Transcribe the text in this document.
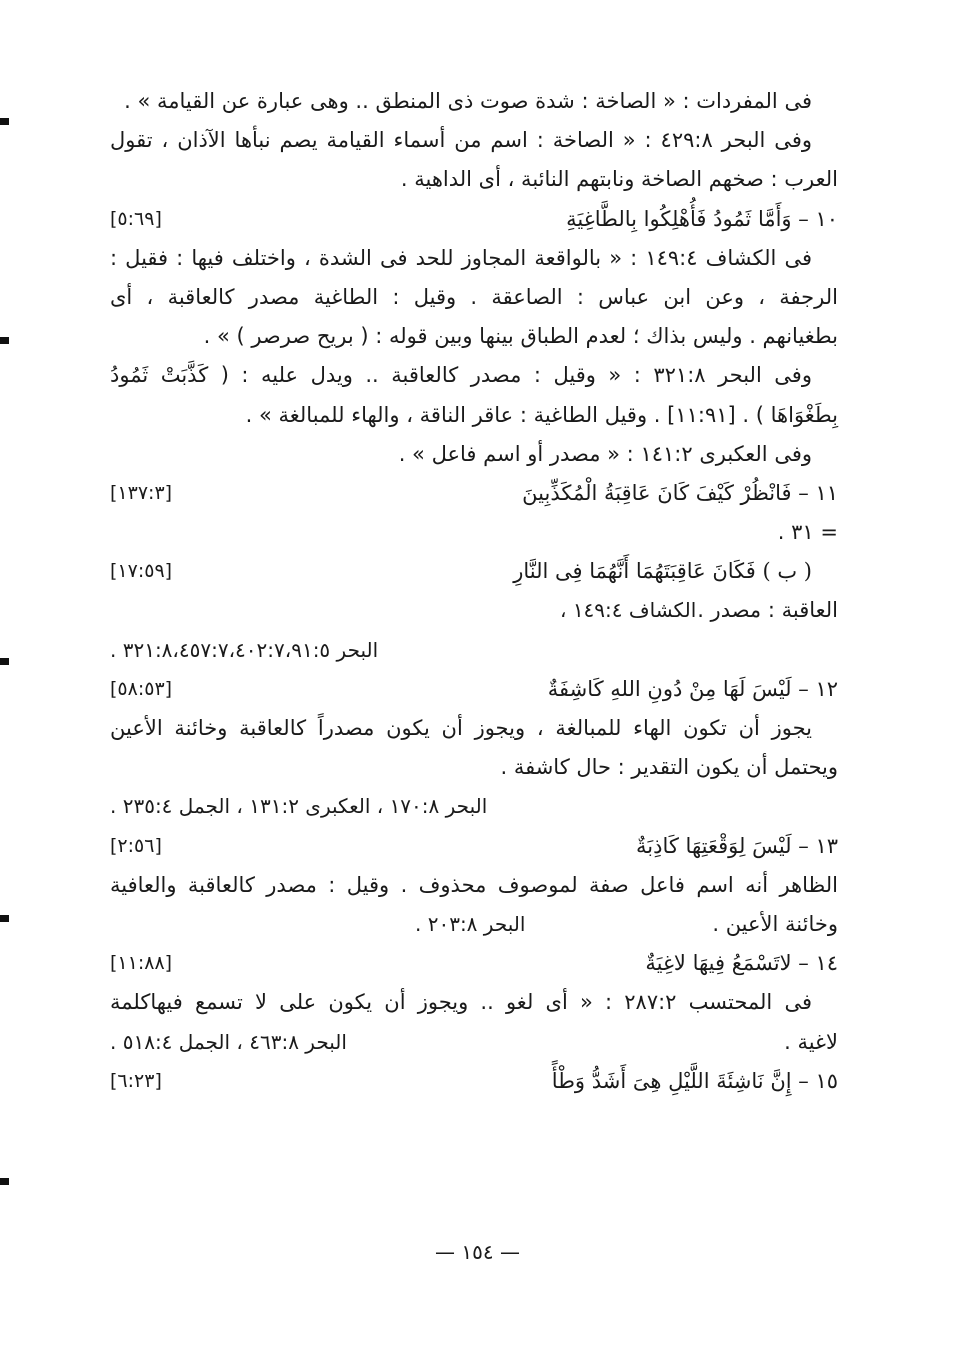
فى المفردات : « الصاخة : شدة صوت ذى المنطق .. وهى عبارة عن القيامة » .
وفى البحر ٤٢٩:٨ : « الصاخة : اسم من أسماء القيامة يصم نبأها الآذان ، تقول
العرب : صخهم الصاخة ونابتهم النائبة ، أى الداهية .
١٠ – وَأَمَّا ثَمُودُ فَأُهْلِكُوا بِالطَّاغِيَةِ
[٥:٦٩]
فى الكشاف ١٤٩:٤ : « بالواقعة المجاوز للحد فى الشدة ، واختلف فيها : فقيل :
الرجفة ، وعن ابن عباس : الصاعقة . وقيل : الطاغية مصدر كالعاقبة ، أى
بطغيانهم . وليس بذاك ؛ لعدم الطباق بينها وبين قوله : ( بريح صرصر ) » .
وفى البحر ٣٢١:٨ : « وقيل : مصدر كالعاقبة .. ويدل عليه : ( كَذَّبَتْ ثَمُودُ
بِطَغْوَاهَا ) . [١١:٩١] . وقيل الطاغية : عاقر الناقة ، والهاء للمبالغة » .
وفى العكبرى ١٤١:٢ : « مصدر أو اسم فاعل » .
١١ – فَانْظُرْ كَيْفَ كَانَ عَاقِبَةُ الْمُكَذِّبِينَ
[١٣٧:٣]
= ٣١ .
( ب ) فَكَانَ عَاقِبَتَهُمَا أَنَّهُمَا فِى النَّارِ
[١٧:٥٩]
العاقبة : مصدر .
الكشاف ١٤٩:٤ ،
البحر ٣٢١:٨،٤٥٧:٧،٤٠٢:٧،٩١:٥ .
١٢ – لَيْسَ لَهَا مِنْ دُونِ اللهِ كَاشِفَةٌ
[٥٨:٥٣]
يجوز أن تكون الهاء للمبالغة ، ويجوز أن يكون مصدراً كالعاقبة وخائنة الأعين
ويحتمل أن يكون التقدير : حال كاشفة .
البحر ١٧٠:٨ ، العكبرى ١٣١:٢ ، الجمل ٢٣٥:٤ .
١٣ – لَيْسَ لِوَقْعَتِهَا كَاذِبَةٌ
[٢:٥٦]
الظاهر أنه اسم فاعل صفة لموصوف محذوف . وقيل : مصدر كالعاقبة والعافية
وخائنة الأعين .
البحر ٢٠٣:٨ .
١٤ – لاتَسْمَعُ فِيهَا لاغِيَةٌ
[١١:٨٨]
فى المحتسب ٢٨٧:٢ : « أى لغو .. ويجوز أن يكون على لا تسمع فيهاكلمة
لاغية .
البحر ٤٦٣:٨ ، الجمل ٥١٨:٤ .
١٥ – إِنَّ نَاشِئَةَ اللَّيْلِ هِىَ أَشَدُّ وَطْأً
[٦:٢٣]
— ١٥٤ —
